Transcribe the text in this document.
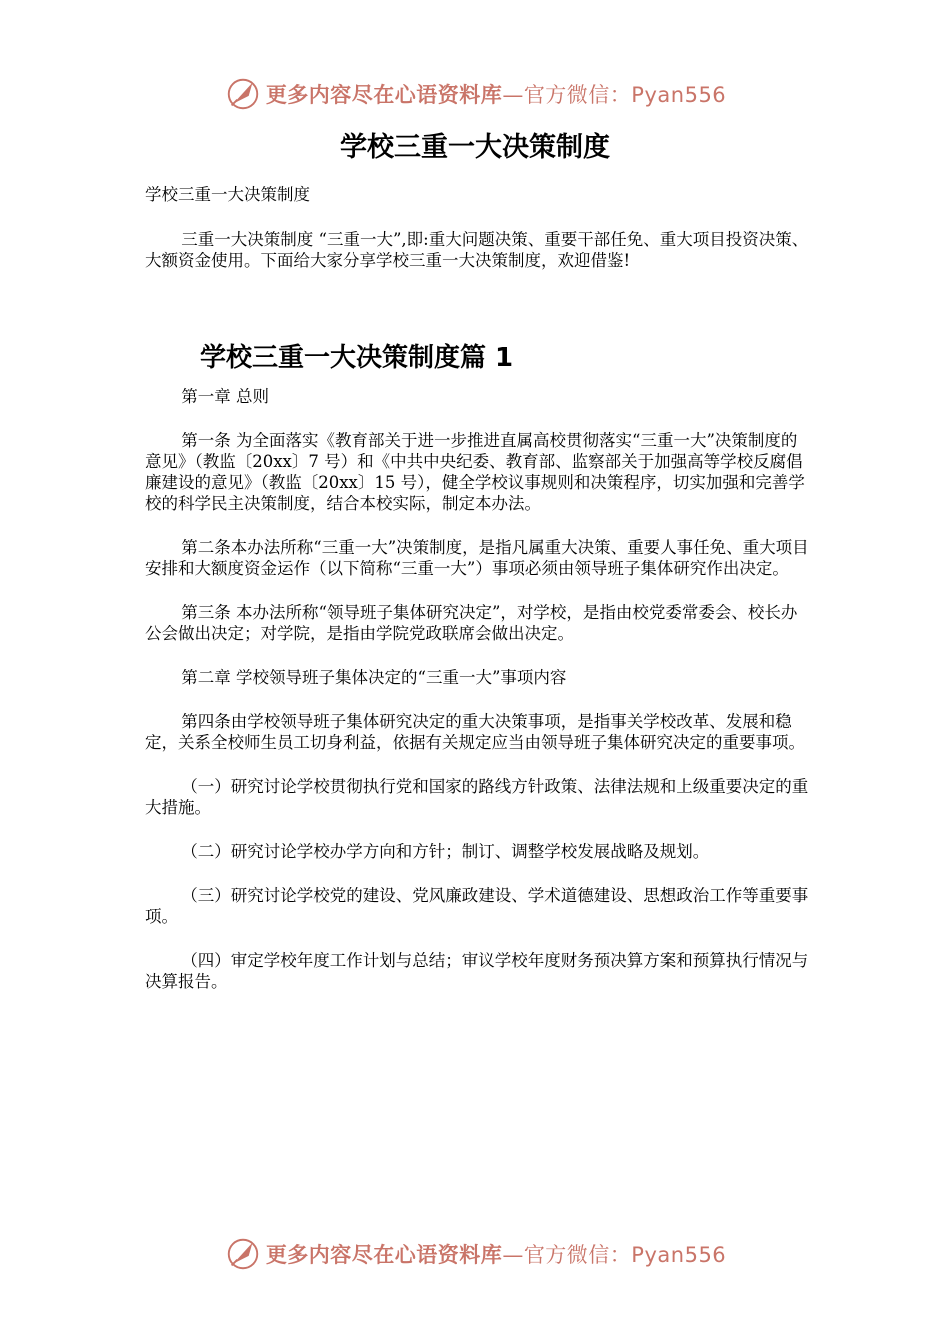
更多内容尽在心语资料库—官方微信：Pyan556
学校三重一大决策制度

学校三重一大决策制度

三重一大决策制度 “三重一大”,即:重大问题决策、重要干部任免、重大项目投资决策、大额资金使用。下面给大家分享学校三重一大决策制度，欢迎借鉴!

学校三重一大决策制度篇 1

第一章 总则

第一条 为全面落实《教育部关于进一步推进直属高校贯彻落实“三重一大”决策制度的意见》（教监〔20xx〕7 号）和《中共中央纪委、教育部、监察部关于加强高等学校反腐倡廉建设的意见》（教监〔20xx〕15 号），健全学校议事规则和决策程序，切实加强和完善学校的科学民主决策制度，结合本校实际，制定本办法。

第二条本办法所称“三重一大”决策制度，是指凡属重大决策、重要人事任免、重大项目安排和大额度资金运作（以下简称“三重一大”）事项必须由领导班子集体研究作出决定。

第三条 本办法所称“领导班子集体研究决定”，对学校，是指由校党委常委会、校长办公会做出决定；对学院，是指由学院党政联席会做出决定。

第二章 学校领导班子集体决定的“三重一大”事项内容

第四条由学校领导班子集体研究决定的重大决策事项，是指事关学校改革、发展和稳定，关系全校师生员工切身利益，依据有关规定应当由领导班子集体研究决定的重要事项。

（一）研究讨论学校贯彻执行党和国家的路线方针政策、法律法规和上级重要决定的重大措施。

（二）研究讨论学校办学方向和方针；制订、调整学校发展战略及规划。

（三）研究讨论学校党的建设、党风廉政建设、学术道德建设、思想政治工作等重要事项。

（四）审定学校年度工作计划与总结；审议学校年度财务预决算方案和预算执行情况与决算报告。

更多内容尽在心语资料库—官方微信：Pyan556
